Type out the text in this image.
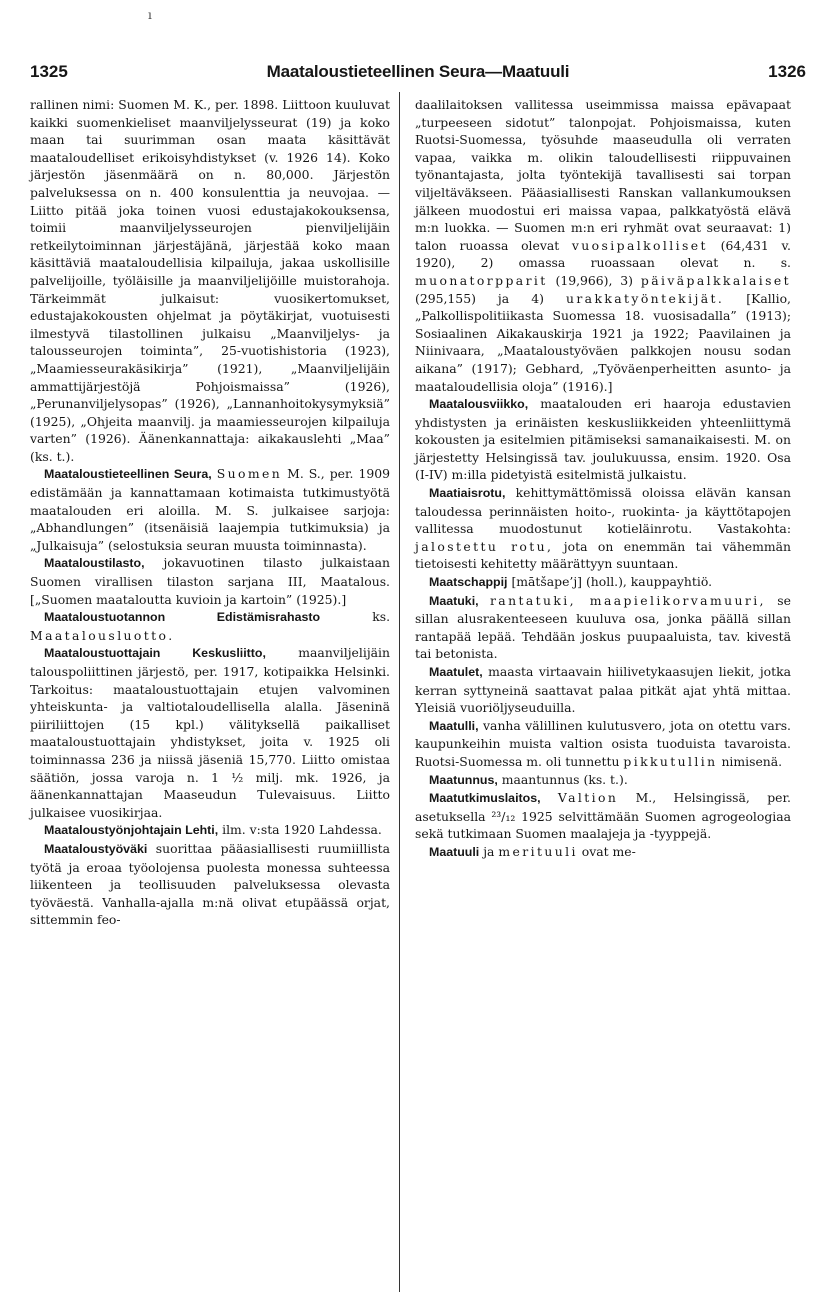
ı
1325	Maataloustieteellinen Seura—Maatuuli	1326

rallinen nimi: Suomen M. K., per. 1898. Liittoon kuuluvat kaikki suomenkieliset maanviljelysseurat (19) ja koko maan tai suurimman osan maata käsittävät maataloudelliset erikoisyhdistykset (v. 1926 14). Koko järjestön jäsenmäärä on n. 80,000. Järjestön palveluksessa on n. 400 konsulenttia ja neuvojaa. — Liitto pitää joka toinen vuosi edustajakokouksensa, toimii maanviljelysseurojen pienviljelijäin retkeilytoiminnan järjestäjänä, järjestää koko maan käsittäviä maataloudellisia kilpailuja, jakaa uskollisille palvelijoille, työläisille ja maanviljelijöille muistorahoja. Tärkeimmät julkaisut: vuosikertomukset, edustajakokousten ohjelmat ja pöytäkirjat, vuotuisesti ilmestyvä tilastollinen julkaisu „Maanviljelys- ja talousseurojen toiminta”, 25-vuotishistoria (1923), „Maamiesseurakäsikirja” (1921), „Maanviljelijäin ammattijärjestöjä Pohjoismaissa” (1926), „Perunanviljelysopas” (1926), „Lannanhoitokysymyksiä” (1925), „Ohjeita maanvilj. ja maamiesseurojen kilpailuja varten” (1926). Äänenkannattaja: aikakauslehti „Maa” (ks. t.).

Maataloustieteellinen Seura, Suomen M. S., per. 1909 edistämään ja kannattamaan kotimaista tutkimustyötä maatalouden eri aloilla. M. S. julkaisee sarjoja: „Abhandlungen” (itsenäisiä laajempia tutkimuksia) ja „Julkaisuja” (selostuksia seuran muusta toiminnasta).

Maataloustilasto, jokavuotinen tilasto julkaistaan Suomen virallisen tilaston sarjana III, Maatalous. [„Suomen maataloutta kuvioin ja kartoin” (1925).]

Maataloustuotannon Edistämisrahasto ks. Maatalousluotto.

Maataloustuottajain Keskusliitto, maanviljelijäin talouspoliittinen järjestö, per. 1917, kotipaikka Helsinki. Tarkoitus: maataloustuottajain etujen valvominen yhteiskunta- ja valtiotaloudellisella alalla. Jäseninä piiriliittojen (15 kpl.) välityksellä paikalliset maataloustuottajain yhdistykset, joita v. 1925 oli toiminnassa 236 ja niissä jäseniä 15,770. Liitto omistaa säätiön, jossa varoja n. 1 ½ milj. mk. 1926, ja äänenkannattajan Maaseudun Tulevaisuus. Liitto julkaisee vuosikirjaa.

Maataloustyönjohtajain Lehti, ilm. v:sta 1920 Lahdessa.

Maataloustyöväki suorittaa pääasiallisesti ruumiillista työtä ja eroaa työolojensa puolesta monessa suhteessa liikenteen ja teollisuuden palveluksessa olevasta työväestä. Vanhalla-ajalla m:nä olivat etupäässä orjat, sittemmin feo-

daalilaitoksen vallitessa useimmissa maissa epävapaat „turpeeseen sidotut” talonpojat. Pohjoismaissa, kuten Ruotsi-Suomessa, työsuhde maaseudulla oli verraten vapaa, vaikka m. olikin taloudellisesti riippuvainen työnantajasta, jolta työntekijä tavallisesti sai torpan viljeltäväkseen. Pääasiallisesti Ranskan vallankumouksen jälkeen muodostui eri maissa vapaa, palkkatyöstä elävä m:n luokka. — Suomen m:n eri ryhmät ovat seuraavat: 1) talon ruoassa olevat vuosipalkolliset (64,431 v. 1920), 2) omassa ruoassaan olevat n. s. muonatorpparit (19,966), 3) päiväpalkkalaiset (295,155) ja 4) urakkatyöntekijät. [Kallio, „Palkollispolitiikasta Suomessa 18. vuosisadalla” (1913); Sosiaalinen Aikakauskirja 1921 ja 1922; Paavilainen ja Niinivaara, „Maataloustyöväen palkkojen nousu sodan aikana” (1917); Gebhard, „Työväenperheitten asunto- ja maataloudellisia oloja” (1916).]

Maatalousviikko, maatalouden eri haaroja edustavien yhdistysten ja erinäisten keskusliikkeiden yhteenliittymä kokousten ja esitelmien pitämiseksi samanaikaisesti. M. on järjestetty Helsingissä tav. joulukuussa, ensim. 1920. Osa (I-IV) m:illa pidetyistä esitelmistä julkaistu.

Maatiaisrotu, kehittymättömissä oloissa elävän kansan taloudessa perinnäisten hoito-, ruokinta- ja käyttötapojen vallitessa muodostunut kotieläinrotu. Vastakohta: jalostettu rotu, jota on enemmän tai vähemmän tietoisesti kehitetty määrättyyn suuntaan.

Maatschappij [mātšape’j] (holl.), kauppayhtiö.

Maatuki, rantatuki, maapielikorvamuuri, se sillan alusrakenteeseen kuuluva osa, jonka päällä sillan rantapää lepää. Tehdään joskus puupaaluista, tav. kivestä tai betonista.

Maatulet, maasta virtaavain hiilivetykaasujen liekit, jotka kerran syttyneinä saattavat palaa pitkät ajat yhtä mittaa. Yleisiä vuoriöljyseuduilla.

Maatulli, vanha välillinen kulutusvero, jota on otettu vars. kaupunkeihin muista valtion osista tuoduista tavaroista. Ruotsi-Suomessa m. oli tunnettu pikkutullin nimisenä.

Maatunnus, maantunnus (ks. t.).

Maatutkimuslaitos, Valtion M., Helsingissä, per. asetuksella ²³/₁₂ 1925 selvittämään Suomen agrogeologiaa sekä tutkimaan Suomen maalajeja ja -tyyppejä.

Maatuuli ja merituuli ovat me-
